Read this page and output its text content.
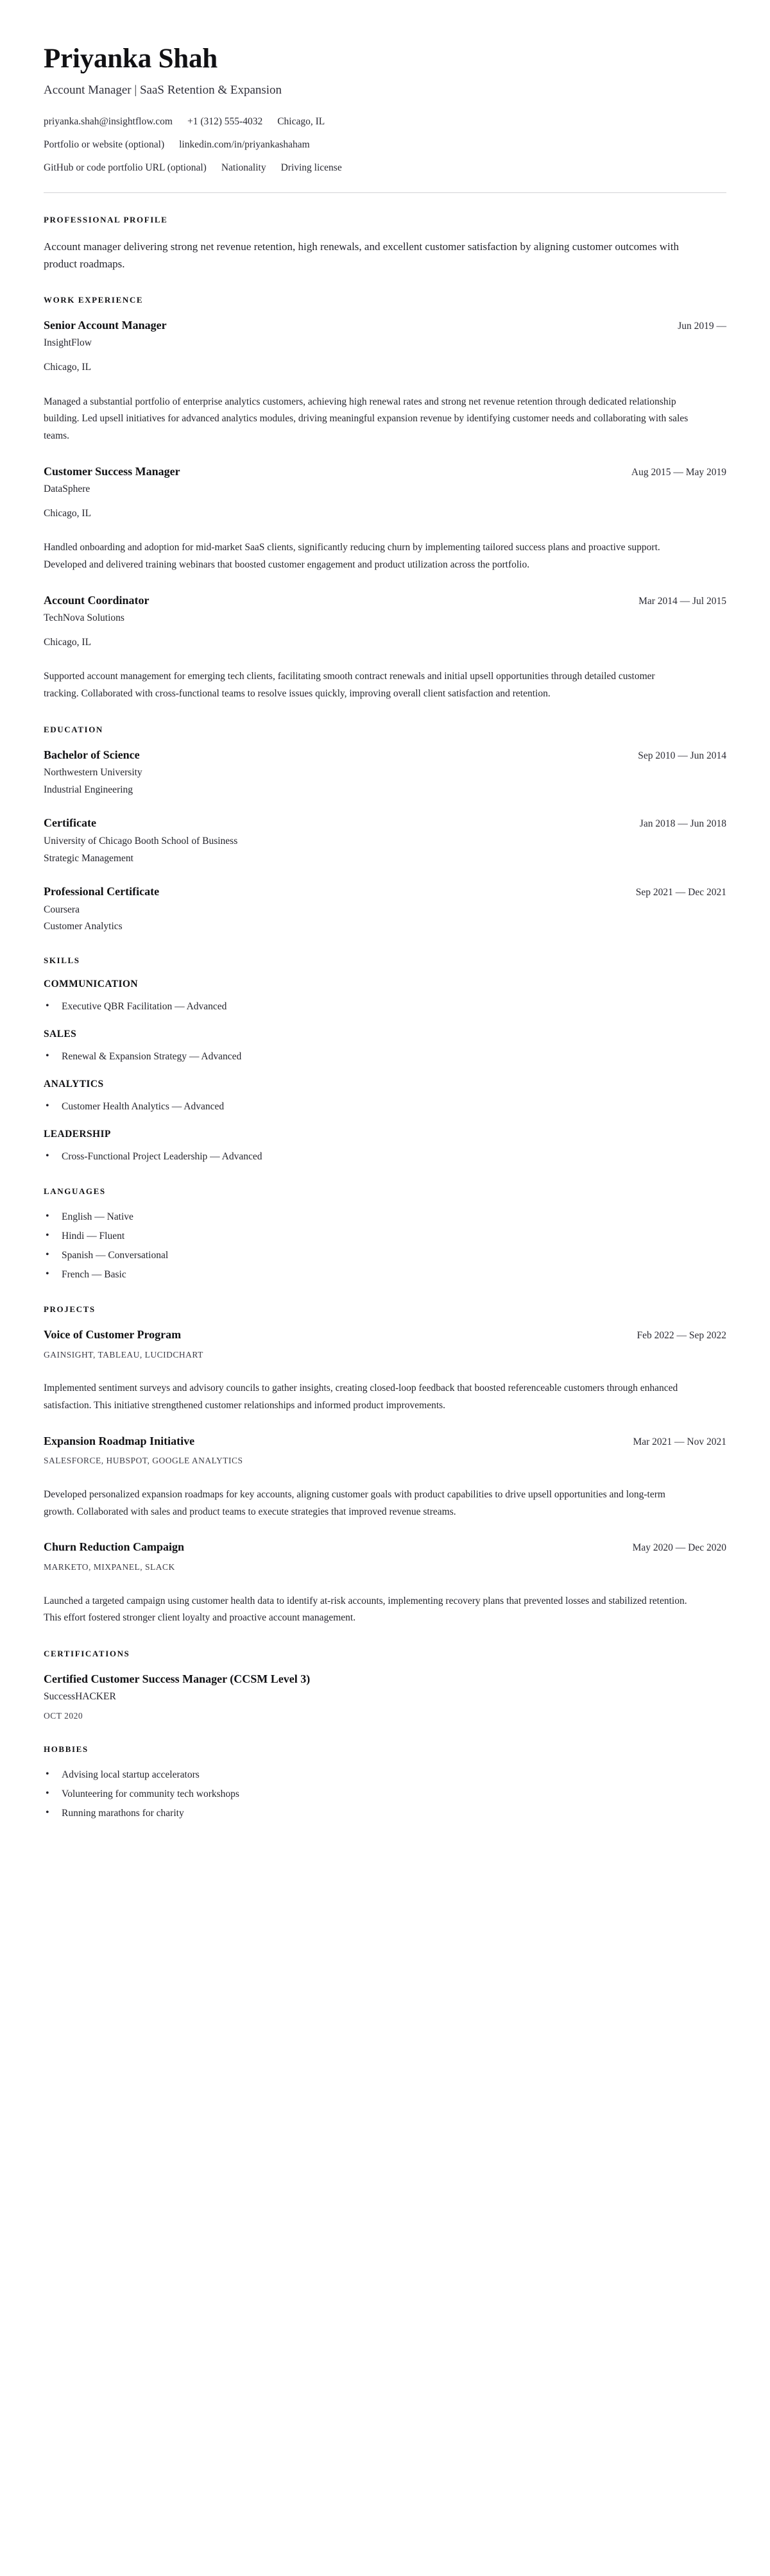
Priyanka Shah
Account Manager | SaaS Retention & Expansion
priyanka.shah@insightflow.com +1 (312) 555-4032 Chicago, IL
Portfolio or website (optional) linkedin.com/in/priyankashaham
GitHub or code portfolio URL (optional) Nationality Driving license
PROFESSIONAL PROFILE

Account manager delivering strong net revenue retention, high renewals, and excellent customer satisfaction by aligning customer outcomes with product roadmaps.

WORK EXPERIENCE
Senior Account Manager	Jun 2019 —
InsightFlow
Chicago, IL
Managed a substantial portfolio of enterprise analytics customers, achieving high renewal rates and strong net revenue retention through dedicated relationship building. Led upsell initiatives for advanced analytics modules, driving meaningful expansion revenue by identifying customer needs and collaborating with sales teams.
Customer Success Manager	Aug 2015 — May 2019
DataSphere
Chicago, IL
Handled onboarding and adoption for mid-market SaaS clients, significantly reducing churn by implementing tailored success plans and proactive support. Developed and delivered training webinars that boosted customer engagement and product utilization across the portfolio.
Account Coordinator	Mar 2014 — Jul 2015
TechNova Solutions
Chicago, IL
Supported account management for emerging tech clients, facilitating smooth contract renewals and initial upsell opportunities through detailed customer tracking. Collaborated with cross-functional teams to resolve issues quickly, improving overall client satisfaction and retention.
EDUCATION
Bachelor of Science	Sep 2010 — Jun 2014
Northwestern University
Industrial Engineering
Certificate	Jan 2018 — Jun 2018
University of Chicago Booth School of Business
Strategic Management
Professional Certificate	Sep 2021 — Dec 2021
Coursera
Customer Analytics
SKILLS
COMMUNICATION
• Executive QBR Facilitation — Advanced
SALES
• Renewal & Expansion Strategy — Advanced
ANALYTICS
• Customer Health Analytics — Advanced
LEADERSHIP
• Cross-Functional Project Leadership — Advanced
LANGUAGES
• English — Native
• Hindi — Fluent
• Spanish — Conversational
• French — Basic
PROJECTS
Voice of Customer Program	Feb 2022 — Sep 2022
GAINSIGHT, TABLEAU, LUCIDCHART
Implemented sentiment surveys and advisory councils to gather insights, creating closed-loop feedback that boosted referenceable customers through enhanced satisfaction. This initiative strengthened customer relationships and informed product improvements.
Expansion Roadmap Initiative	Mar 2021 — Nov 2021
SALESFORCE, HUBSPOT, GOOGLE ANALYTICS
Developed personalized expansion roadmaps for key accounts, aligning customer goals with product capabilities to drive upsell opportunities and long-term growth. Collaborated with sales and product teams to execute strategies that improved revenue streams.
Churn Reduction Campaign	May 2020 — Dec 2020
MARKETO, MIXPANEL, SLACK
Launched a targeted campaign using customer health data to identify at-risk accounts, implementing recovery plans that prevented losses and stabilized retention. This effort fostered stronger client loyalty and proactive account management.
CERTIFICATIONS
Certified Customer Success Manager (CCSM Level 3)
SuccessHACKER
OCT 2020
HOBBIES
• Advising local startup accelerators
• Volunteering for community tech workshops
• Running marathons for charity
